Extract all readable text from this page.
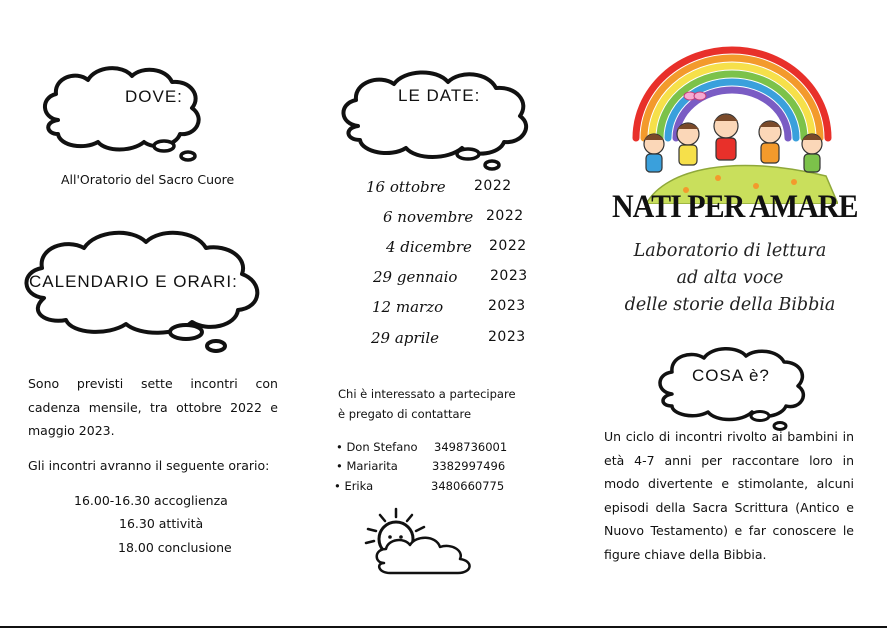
DOVE:
All'Oratorio del Sacro Cuore
CALENDARIO E ORARI:
Sono previsti sette incontri con cadenza mensile, tra ottobre 2022 e maggio 2023.
Gli incontri avranno il seguente orario:
16.00-16.30 accoglienza
16.30 attività
18.00 conclusione
LE DATE:
16 ottobre 2022
6 novembre 2022
4 dicembre 2022
29 gennaio 2023
12 marzo	2023
29 aprile	2023
Chi è interessato a partecipare
è pregato di contattare
• Don Stefano 3498736001
• Mariarita	3382997496
• Erika	3480660775
NATI PER AMARE
Laboratorio di lettura
ad alta voce
delle storie della Bibbia
COSA è?
Un ciclo di incontri rivolto ai bambini in età 4-7 anni per raccontare loro in modo divertente e stimolante, alcuni episodi della Sacra Scrittura (Antico e Nuovo Testamento) e far conoscere le figure chiave della Bibbia.
